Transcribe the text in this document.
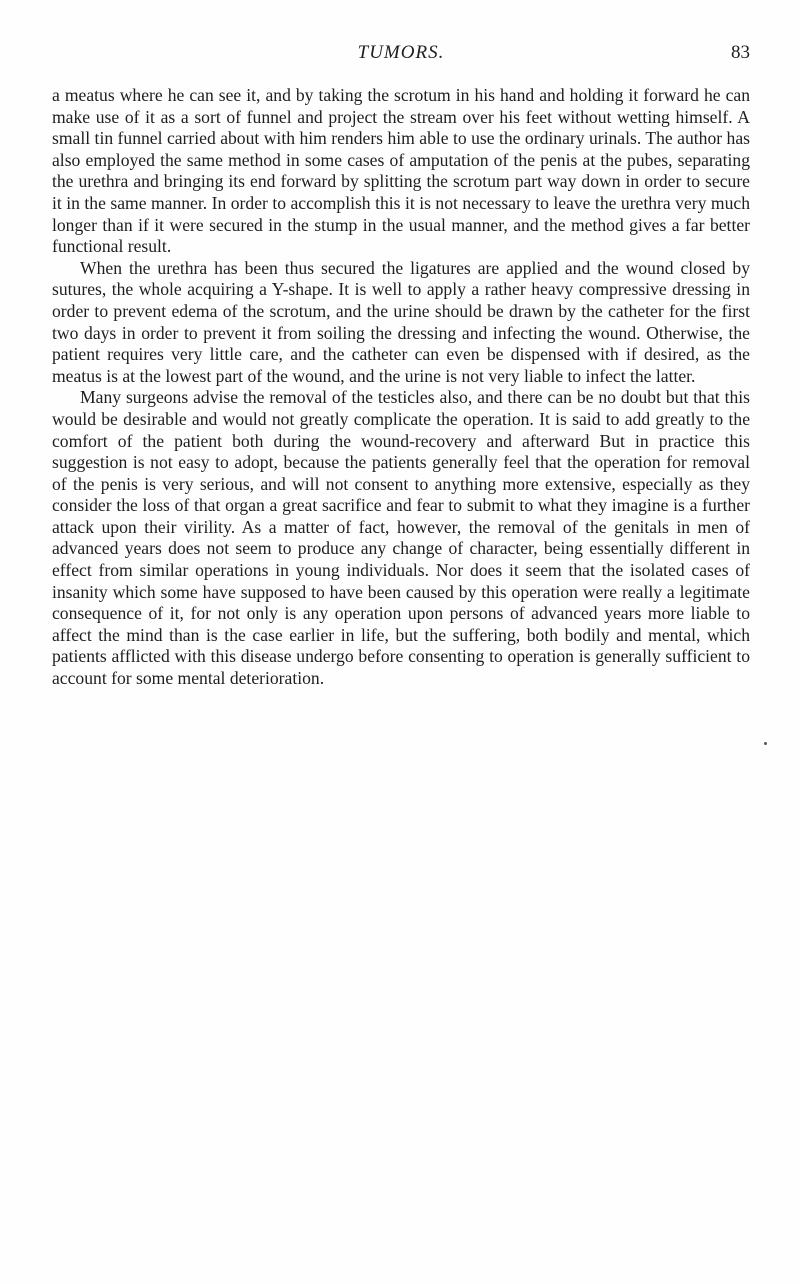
TUMORS.	83

a meatus where he can see it, and by taking the scrotum in his hand and holding it forward he can make use of it as a sort of funnel and project the stream over his feet without wetting himself. A small tin funnel carried about with him renders him able to use the ordinary urinals. The author has also employed the same method in some cases of amputation of the penis at the pubes, separating the urethra and bringing its end forward by splitting the scrotum part way down in order to secure it in the same manner. In order to accomplish this it is not necessary to leave the urethra very much longer than if it were secured in the stump in the usual manner, and the method gives a far better functional result.

When the urethra has been thus secured the ligatures are applied and the wound closed by sutures, the whole acquiring a Y-shape. It is well to apply a rather heavy compressive dressing in order to prevent edema of the scrotum, and the urine should be drawn by the catheter for the first two days in order to prevent it from soiling the dressing and infecting the wound. Otherwise, the patient requires very little care, and the catheter can even be dispensed with if desired, as the meatus is at the lowest part of the wound, and the urine is not very liable to infect the latter.

Many surgeons advise the removal of the testicles also, and there can be no doubt but that this would be desirable and would not greatly complicate the operation. It is said to add greatly to the comfort of the patient both during the wound-recovery and afterward But in practice this suggestion is not easy to adopt, because the patients generally feel that the operation for removal of the penis is very serious, and will not consent to anything more extensive, especially as they consider the loss of that organ a great sacrifice and fear to submit to what they imagine is a further attack upon their virility. As a matter of fact, however, the removal of the genitals in men of advanced years does not seem to produce any change of character, being essentially different in effect from similar operations in young individuals. Nor does it seem that the isolated cases of insanity which some have supposed to have been caused by this operation were really a legitimate consequence of it, for not only is any operation upon persons of advanced years more liable to affect the mind than is the case earlier in life, but the suffering, both bodily and mental, which patients afflicted with this disease undergo before consenting to operation is generally sufficient to account for some mental deterioration.
